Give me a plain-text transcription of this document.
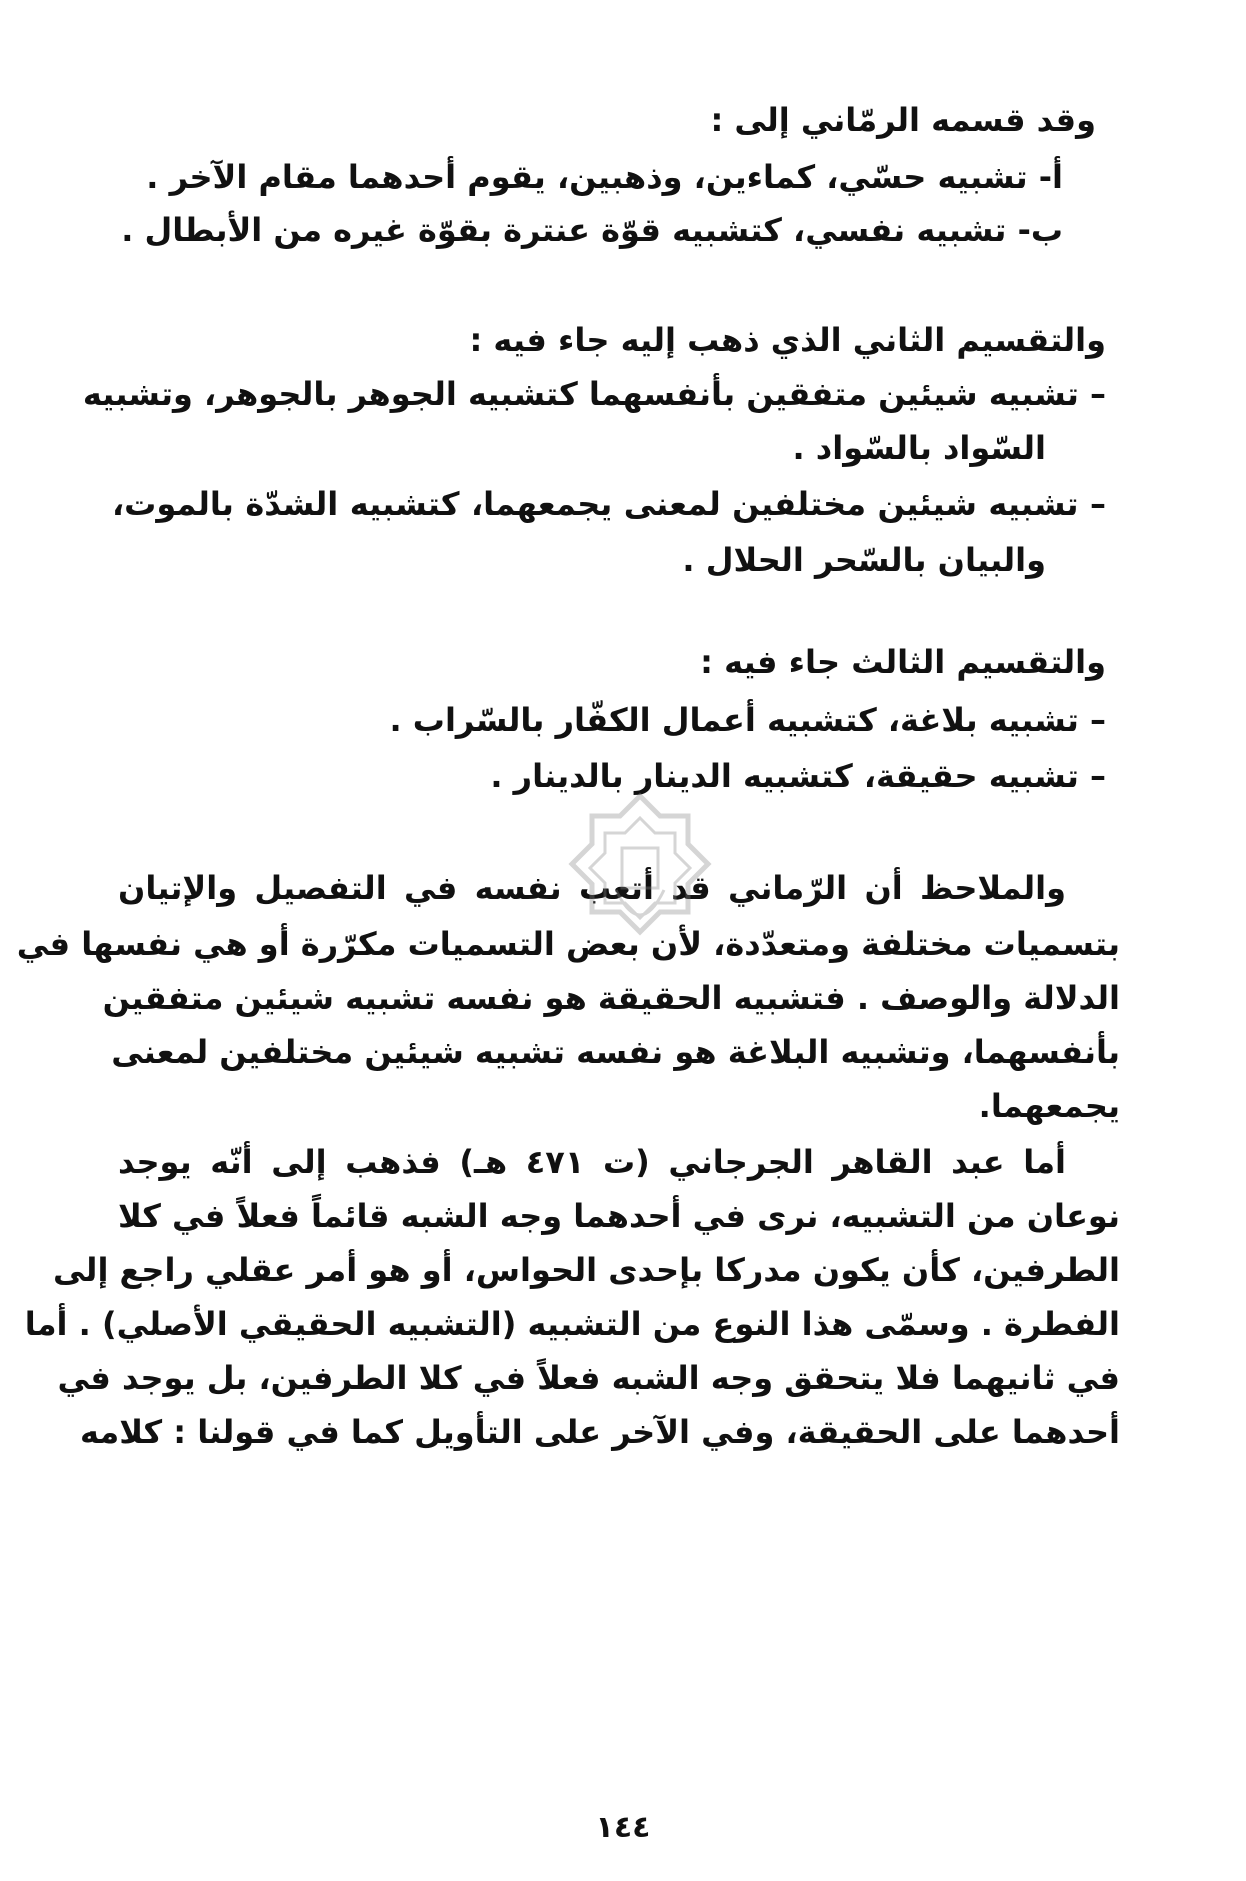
وقد قسمه الرمّاني إلى :
أ- تشبيه حسّي، كماءين، وذهبين، يقوم أحدهما مقام الآخر .
ب- تشبيه نفسي، كتشبيه قوّة عنترة بقوّة غيره من الأبطال .
والتقسيم الثاني الذي ذهب إليه جاء فيه :
– تشبيه شيئين متفقين بأنفسهما كتشبيه الجوهر بالجوهر، وتشبيه
السّواد بالسّواد .
– تشبيه شيئين مختلفين لمعنى يجمعهما، كتشبيه الشدّة بالموت،
والبيان بالسّحر الحلال .
والتقسيم الثالث جاء فيه :
– تشبيه بلاغة، كتشبيه أعمال الكفّار بالسّراب .
– تشبيه حقيقة، كتشبيه الدينار بالدينار .
والملاحظ أن الرّماني قد أتعب نفسه في التفصيل والإتيان
بتسميات مختلفة ومتعدّدة، لأن بعض التسميات مكرّرة أو هي نفسها في
الدلالة والوصف . فتشبيه الحقيقة هو نفسه تشبيه شيئين متفقين
بأنفسهما، وتشبيه البلاغة هو نفسه تشبيه شيئين مختلفين لمعنى
يجمعهما.
أما عبد القاهر الجرجاني (ت ٤٧١ هـ) فذهب إلى أنّه يوجد
نوعان من التشبيه، نرى في أحدهما وجه الشبه قائماً فعلاً في كلا
الطرفين، كأن يكون مدركا بإحدى الحواس، أو هو أمر عقلي راجع إلى
الفطرة . وسمّى هذا النوع من التشبيه (التشبيه الحقيقي الأصلي) . أما
في ثانيهما فلا يتحقق وجه الشبه فعلاً في كلا الطرفين، بل يوجد في
أحدهما على الحقيقة، وفي الآخر على التأويل كما في قولنا : كلامه
١٤٤
